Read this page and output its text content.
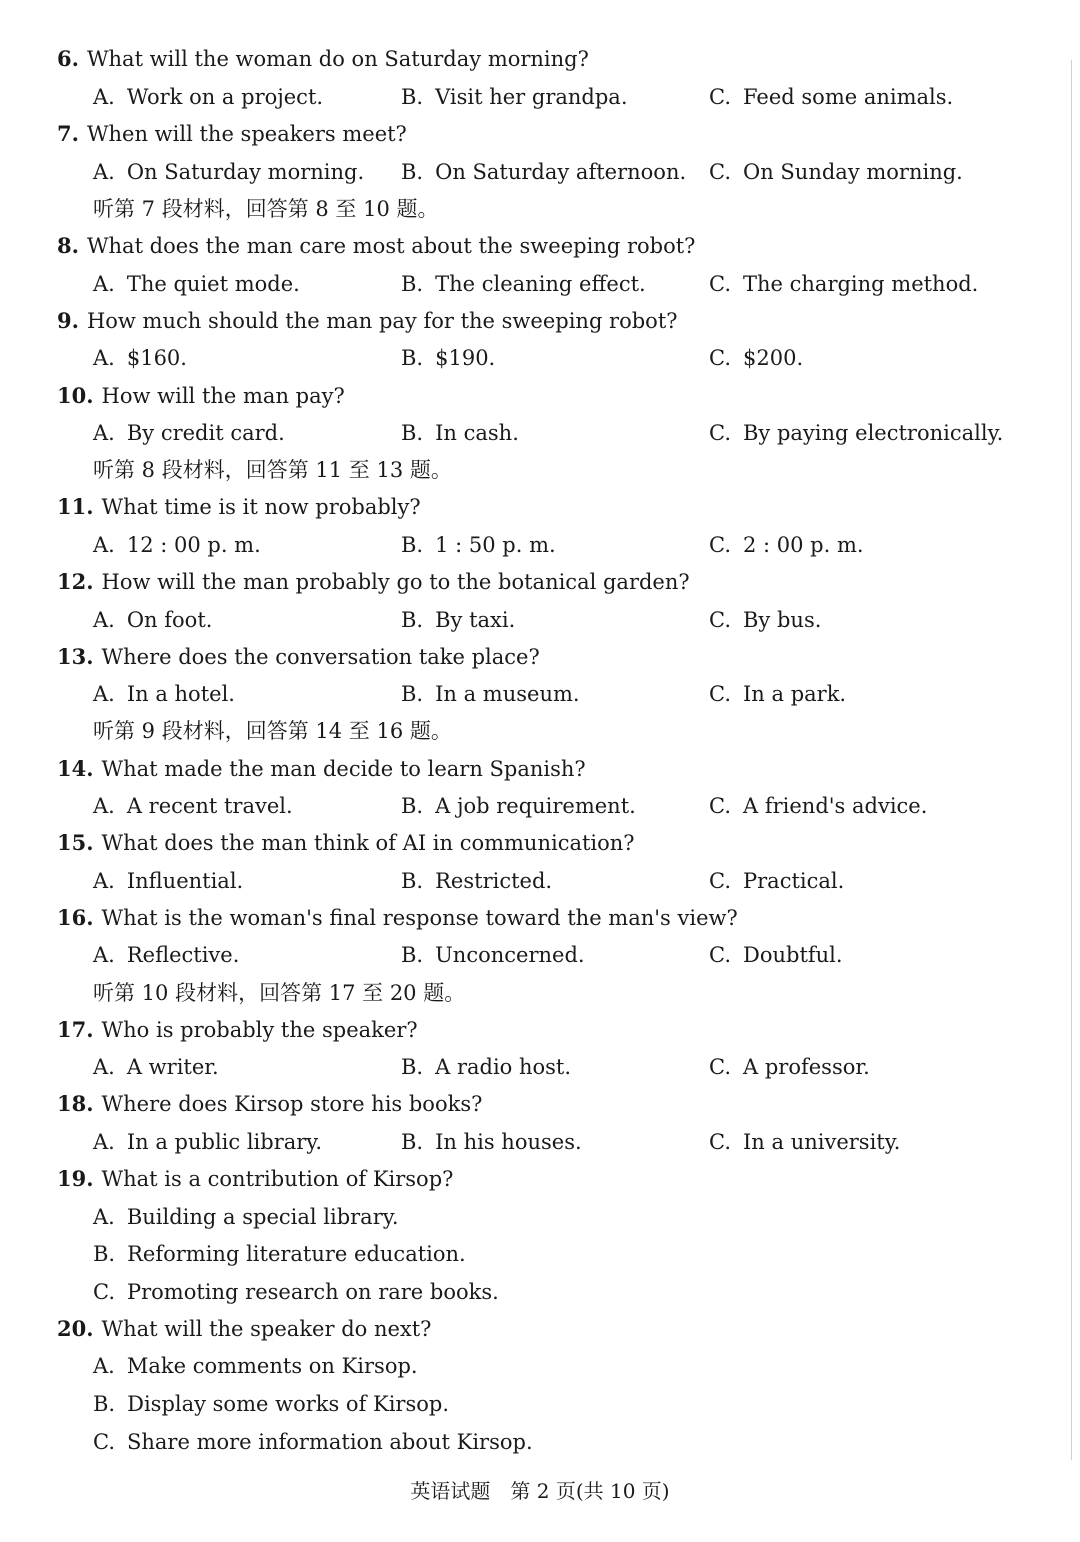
6. What will the woman do on Saturday morning?
A. Work on a project.	B. Visit her grandpa.	C. Feed some animals.
7. When will the speakers meet?
A. On Saturday morning. B. On Saturday afternoon. C. On Sunday morning.
听第 7 段材料，回答第 8 至 10 题。
8. What does the man care most about the sweeping robot?
A. The quiet mode.	B. The cleaning effect.	C. The charging method.
9. How much should the man pay for the sweeping robot?
A. $160.	B. $190.	C. $200.
10. How will the man pay?
A. By credit card.	B. In cash.	C. By paying electronically.
听第 8 段材料，回答第 11 至 13 题。
11. What time is it now probably?
A. 12 : 00 p. m.	B. 1 : 50 p. m.	C. 2 : 00 p. m.
12. How will the man probably go to the botanical garden?
A. On foot.	B. By taxi.	C. By bus.
13. Where does the conversation take place?
A. In a hotel.	B. In a museum.	C. In a park.
听第 9 段材料，回答第 14 至 16 题。
14. What made the man decide to learn Spanish?
A. A recent travel.	B. A job requirement.	C. A friend's advice.
15. What does the man think of AI in communication?
A. Influential.	B. Restricted.	C. Practical.
16. What is the woman's final response toward the man's view?
A. Reflective.	B. Unconcerned.	C. Doubtful.
听第 10 段材料，回答第 17 至 20 题。
17. Who is probably the speaker?
A. A writer.	B. A radio host.	C. A professor.
18. Where does Kirsop store his books?
A. In a public library.	B. In his houses.	C. In a university.
19. What is a contribution of Kirsop?
A. Building a special library.
B. Reforming literature education.
C. Promoting research on rare books.
20. What will the speaker do next?
A. Make comments on Kirsop.
B. Display some works of Kirsop.
C. Share more information about Kirsop.
英语试题　第 2 页(共 10 页)
